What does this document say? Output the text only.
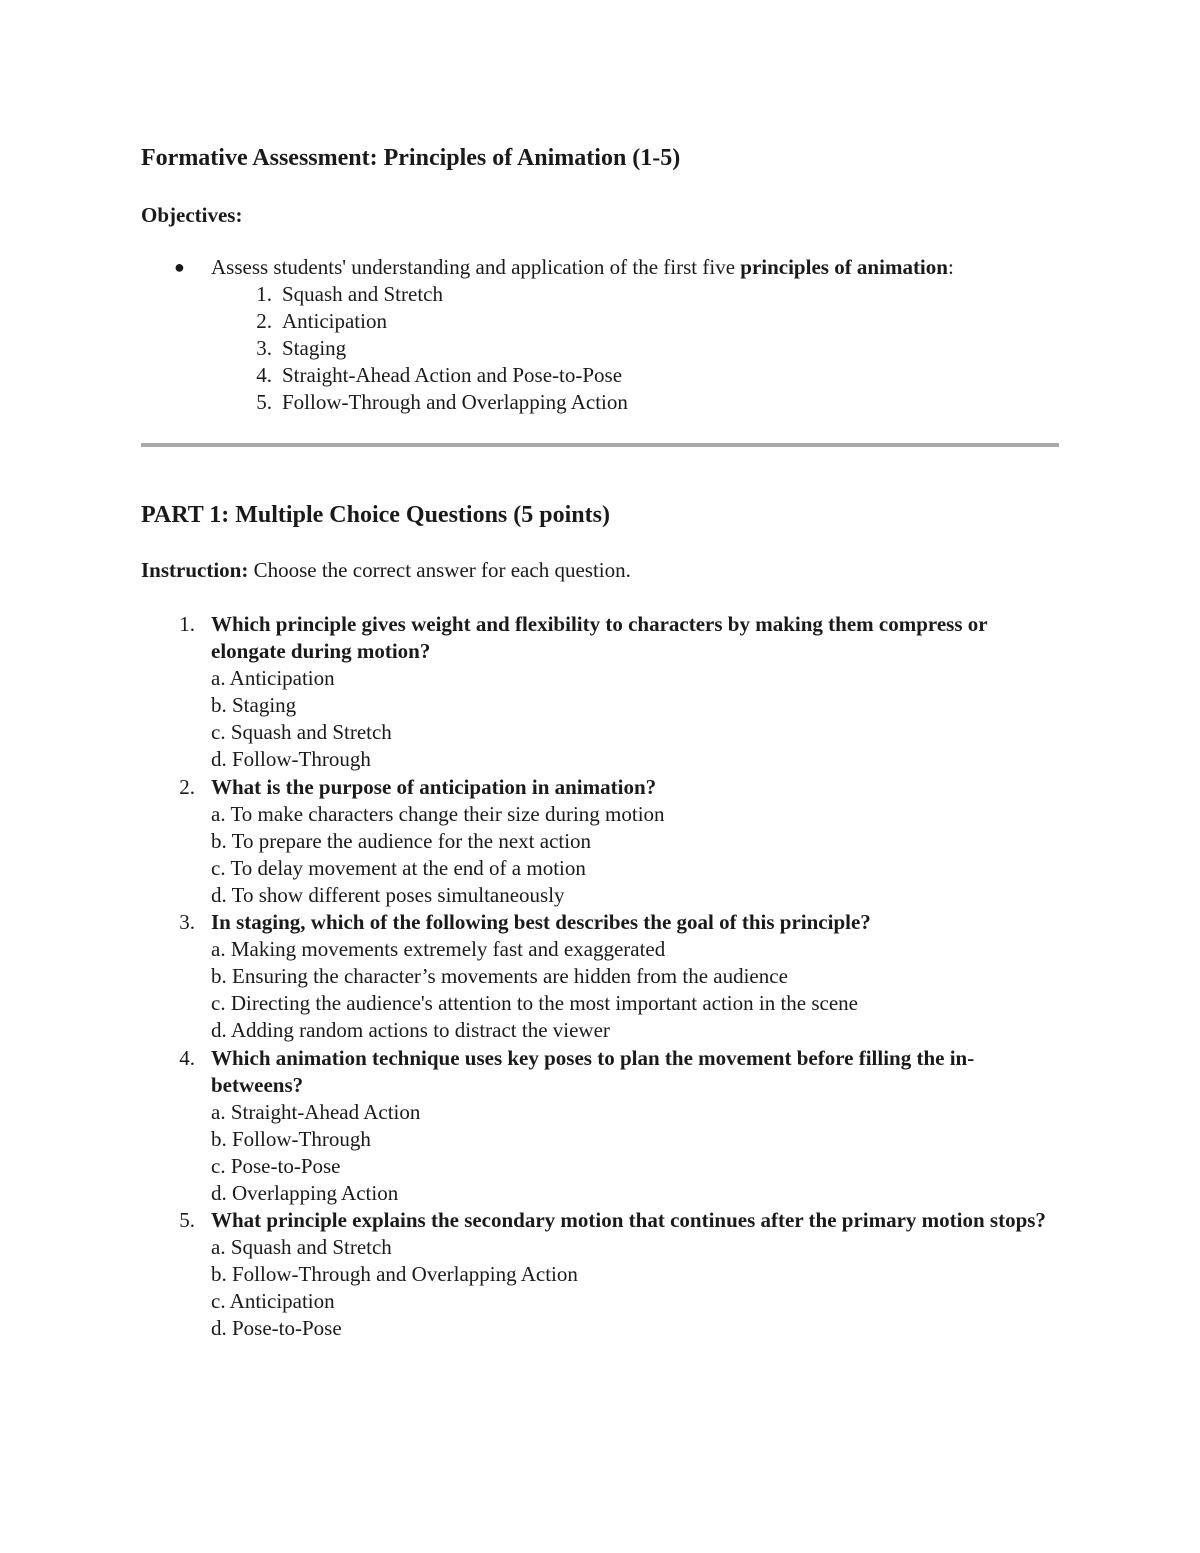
Formative Assessment: Principles of Animation (1-5)
Objectives:
● Assess students' understanding and application of the first five principles of animation:
1. Squash and Stretch
2. Anticipation
3. Staging
4. Straight-Ahead Action and Pose-to-Pose
5. Follow-Through and Overlapping Action
PART 1: Multiple Choice Questions (5 points)
Instruction: Choose the correct answer for each question.
1. Which principle gives weight and flexibility to characters by making them compress or elongate during motion?
a. Anticipation
b. Staging
c. Squash and Stretch
d. Follow-Through
2. What is the purpose of anticipation in animation?
a. To make characters change their size during motion
b. To prepare the audience for the next action
c. To delay movement at the end of a motion
d. To show different poses simultaneously
3. In staging, which of the following best describes the goal of this principle?
a. Making movements extremely fast and exaggerated
b. Ensuring the character’s movements are hidden from the audience
c. Directing the audience's attention to the most important action in the scene
d. Adding random actions to distract the viewer
4. Which animation technique uses key poses to plan the movement before filling the in-betweens?
a. Straight-Ahead Action
b. Follow-Through
c. Pose-to-Pose
d. Overlapping Action
5. What principle explains the secondary motion that continues after the primary motion stops?
a. Squash and Stretch
b. Follow-Through and Overlapping Action
c. Anticipation
d. Pose-to-Pose
